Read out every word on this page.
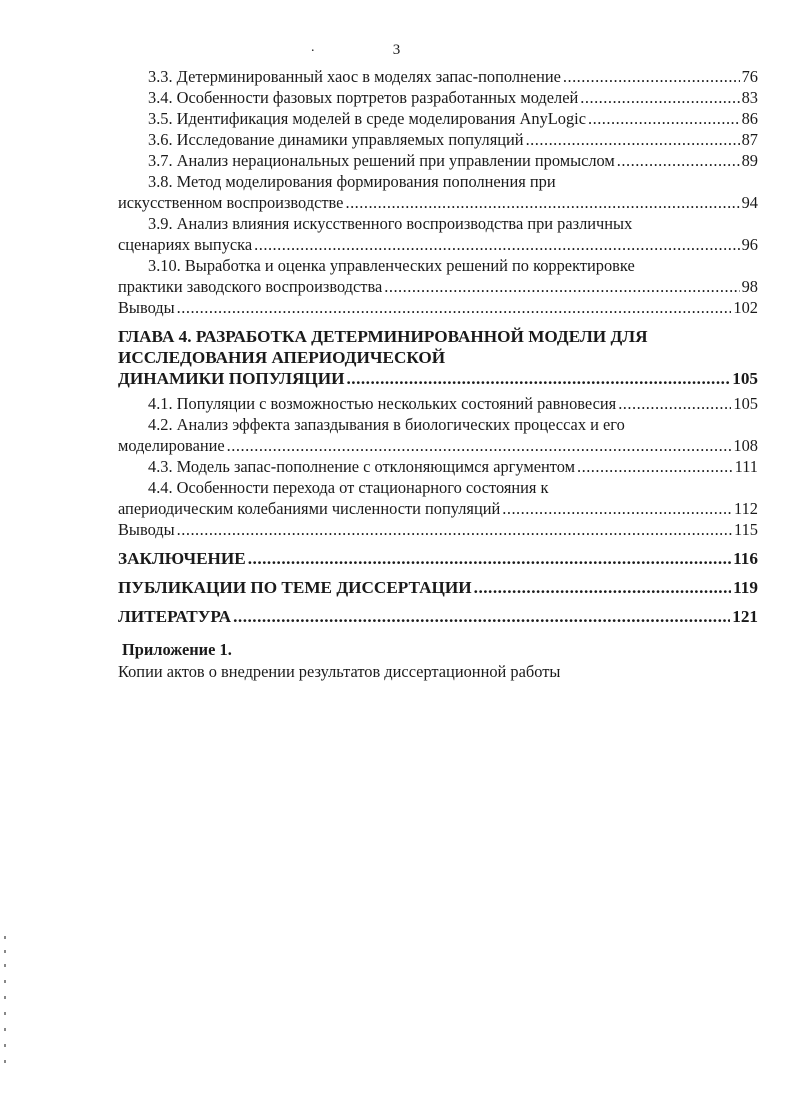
3
.
3.3. Детерминированный хаос в моделях запас-пополнение .....	76
3.4. Особенности фазовых портретов разработанных моделей .....	83
3.5. Идентификация моделей в среде моделирования AnyLogic .....	86
3.6. Исследование динамики управляемых популяций .....	87
3.7. Анализ нерациональных решений при управлении промыслом .....	89
3.8. Метод моделирования формирования пополнения при
искусственном воспроизводстве .....	94
3.9. Анализ влияния искусственного воспроизводства при различных
сценариях выпуска .....	96
3.10. Выработка и оценка управленческих решений по корректировке
практики заводского воспроизводства .....	98
Выводы .....	102
ГЛАВА 4. РАЗРАБОТКА ДЕТЕРМИНИРОВАННОЙ МОДЕЛИ ДЛЯ
ИССЛЕДОВАНИЯ АПЕРИОДИЧЕСКОЙ
ДИНАМИКИ ПОПУЛЯЦИИ .....	105
4.1. Популяции с возможностью нескольких состояний равновесия .....	105
4.2. Анализ эффекта запаздывания в биологических процессах и его
моделирование .....	108
4.3. Модель запас-пополнение с отклоняющимся аргументом .....	111
4.4. Особенности перехода от стационарного состояния к
апериодическим колебаниями численности популяций .....	112
Выводы .....	115
ЗАКЛЮЧЕНИЕ .....	116
ПУБЛИКАЦИИ ПО ТЕМЕ ДИССЕРТАЦИИ .....	119
ЛИТЕРАТУРА .....	121
Приложение 1.
Копии актов о внедрении результатов диссертационной работы
